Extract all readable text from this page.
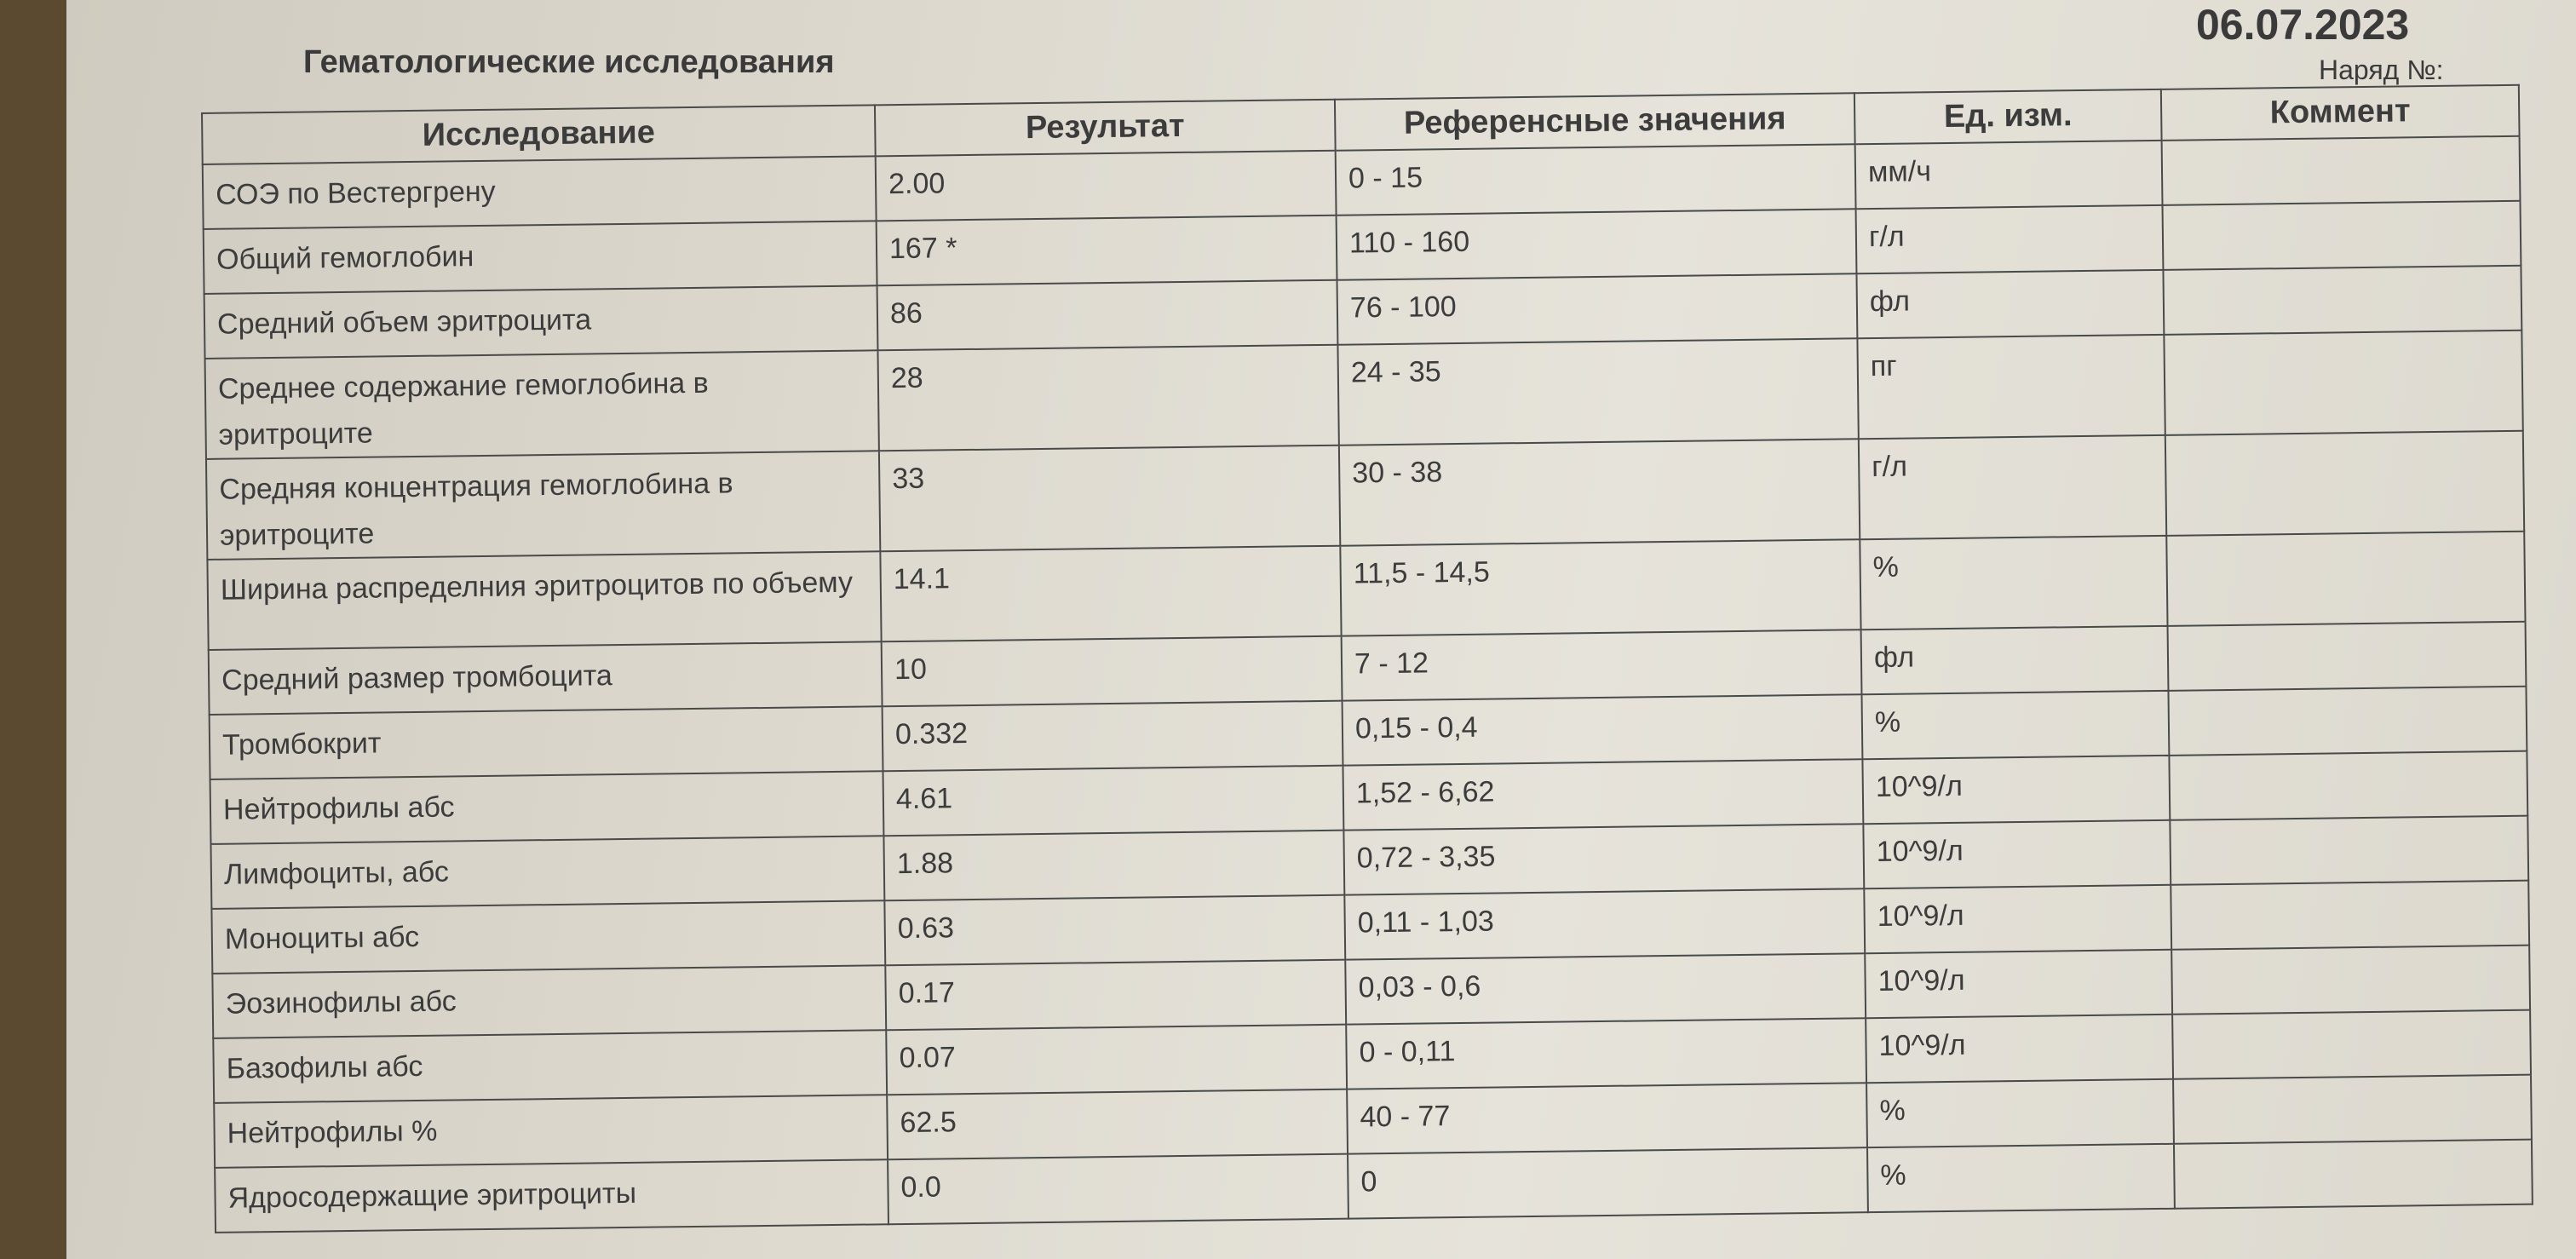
06.07.2023
Гематологические исследования	Наряд №:
Исследование	Результат	Референсные значения	Ед. изм.	Коммент
СОЭ по Вестергрену	2.00	0 - 15	мм/ч	
Общий гемоглобин	167 *	110 - 160	г/л	
Средний объем эритроцита	86	76 - 100	фл	
Среднее содержание гемоглобина в эритроците	28	24 - 35	пг	
Средняя концентрация гемоглобина в эритроците	33	30 - 38	г/л	
Ширина распределния эритроцитов по объему	14.1	11,5 - 14,5	%	
Средний размер тромбоцита	10	7 - 12	фл	
Тромбокрит	0.332	0,15 - 0,4	%	
Нейтрофилы абс	4.61	1,52 - 6,62	10^9/л	
Лимфоциты, абс	1.88	0,72 - 3,35	10^9/л	
Моноциты абс	0.63	0,11 - 1,03	10^9/л	
Эозинофилы абс	0.17	0,03 - 0,6	10^9/л	
Базофилы абс	0.07	0 - 0,11	10^9/л	
Нейтрофилы %	62.5	40 - 77	%	
Ядросодержащие эритроциты	0.0	0	%	
